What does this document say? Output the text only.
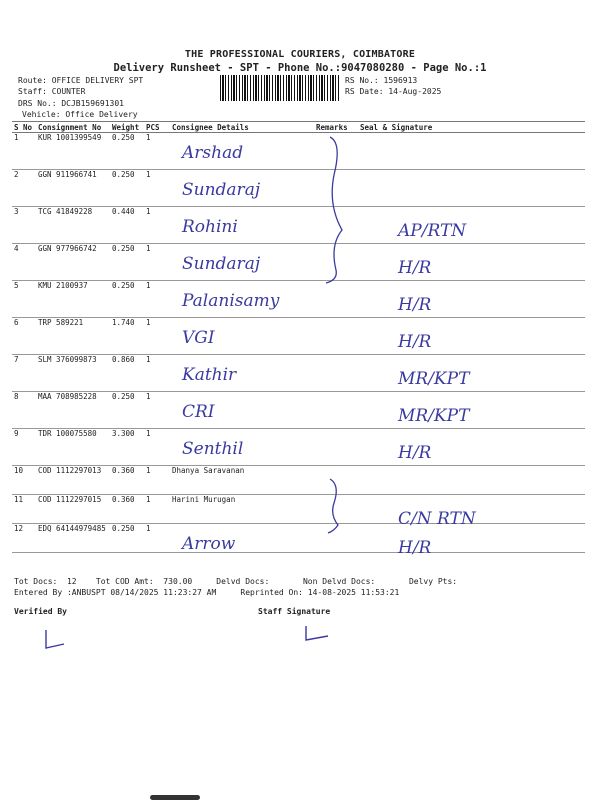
THE PROFESSIONAL COURIERS, COIMBATORE
Delivery Runsheet - SPT - Phone No.:9047080280 - Page No.:1
Route: OFFICE DELIVERY SPT
Staff: COUNTER
DRS No.: DCJB159691301
Vehicle: Office Delivery
RS No.: 1596913
RS Date: 14-Aug-2025
S No	Consignment No	Weight	PCS	Consignee Details	Remarks	Seal & Signature
1	KUR 1001399549	0.250	1	Arshad		

2	GGN 911966741	0.250	1	Sundaraj		

3	TCG 41849228	0.440	1	Rohini		AP/RTN

4	GGN 977966742	0.250	1	Sundaraj		H/R

5	KMU 2100937	0.250	1	Palanisamy		H/R

6	TRP 589221	1.740	1	VGI		H/R

7	SLM 376099873	0.860	1	Kathir		MR/KPT

8	MAA 708985228	0.250	1	CRI		MR/KPT

9	TDR 100075580	3.300	1	Senthil		H/R

10	COD 1112297013	0.360	1	Dhanya Saravanan		

11	COD 1112297015	0.360	1	Harini Murugan		C/N RTN

12	EDQ 64144979485	0.250	1	Arrow		H/R
Tot Docs:  12    Tot COD Amt:  730.00     Delvd Docs:       Non Delvd Docs:       Delvy Pts:
Entered By :ANBUSPT 08/14/2025 11:23:27 AM     Reprinted On: 14-08-2025 11:53:21
Verified By	Staff Signature
